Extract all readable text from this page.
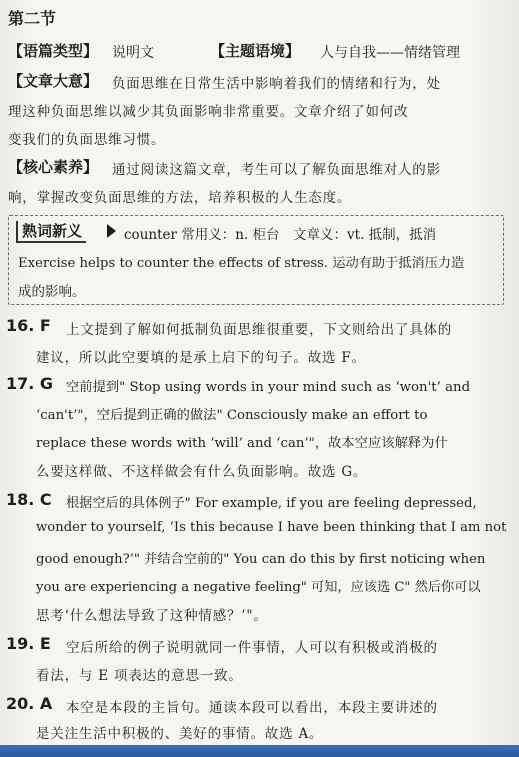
第二节
【语篇类型】 说明文	【主题语境】 人与自我——情绪管理
【文章大意】 负面思维在日常生活中影响着我们的情绪和行为，处
理这种负面思维以减少其负面影响非常重要。文章介绍了如何改
变我们的负面思维习惯。
【核心素养】 通过阅读这篇文章，考生可以了解负面思维对人的影
响，掌握改变负面思维的方法，培养积极的人生态度。
熟词新义	counter 常用义：n. 柜台　文章义：vt. 抵制，抵消
Exercise helps to counter the effects of stress. 运动有助于抵消压力造
成的影响。
16. F 上文提到了解如何抵制负面思维很重要，下文则给出了具体的
建议，所以此空要填的是承上启下的句子。故选 F。
17. G 空前提到" Stop using words in your mind such as ‘won't’ and
‘can't’"，空后提到正确的做法" Consciously make an effort to
replace these words with ‘will’ and ‘can’"，故本空应该解释为什
么要这样做、不这样做会有什么负面影响。故选 G。
18. C 根据空后的具体例子" For example, if you are feeling depressed,
wonder to yourself, ‘Is this because I have been thinking that I am not
good enough?’" 并结合空前的" You can do this by first noticing when
you are experiencing a negative feeling" 可知，应该选 C" 然后你可以
思考‘什么想法导致了这种情感？’"。
19. E 空后所给的例子说明就同一件事情，人可以有积极或消极的
看法，与 E 项表达的意思一致。
20. A 本空是本段的主旨句。通读本段可以看出，本段主要讲述的
是关注生活中积极的、美好的事情。故选 A。
